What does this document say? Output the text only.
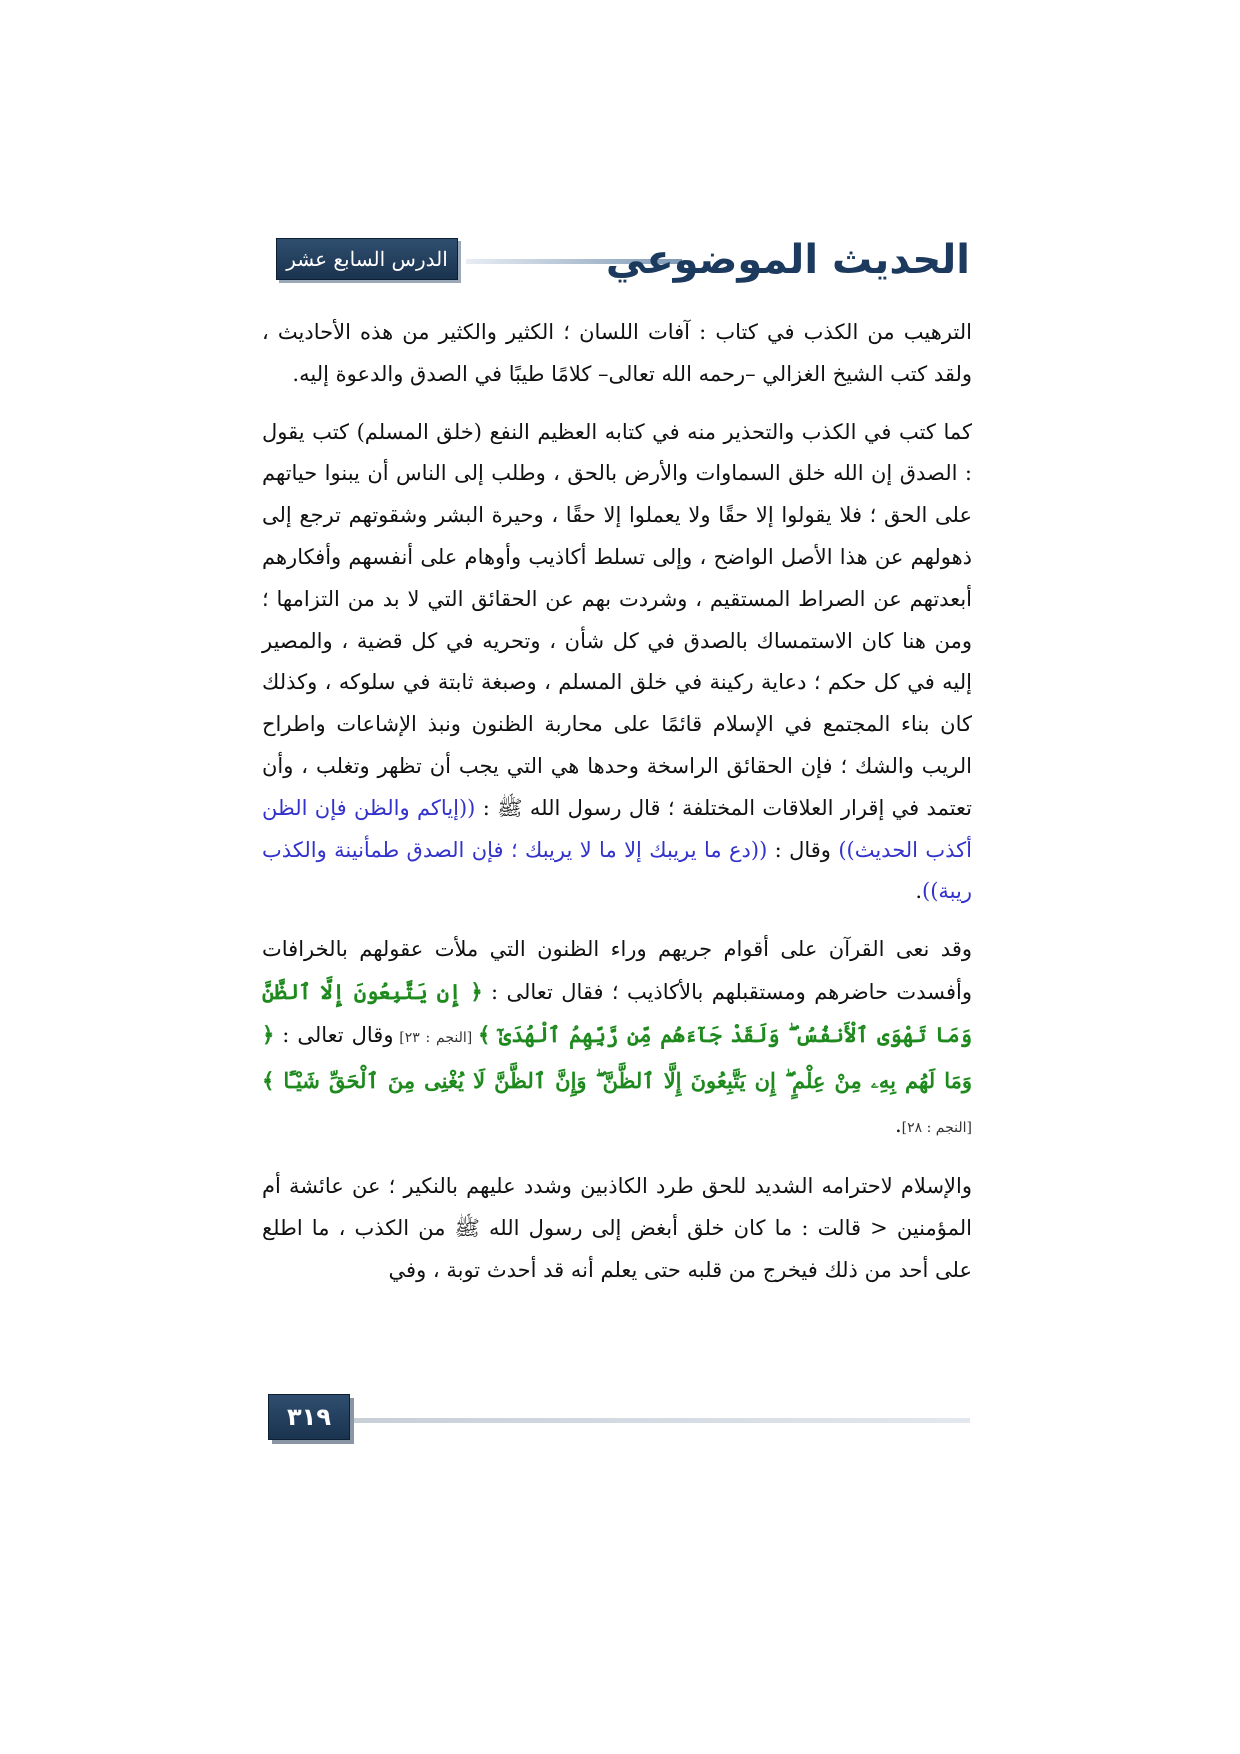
الدرس السابع عشر	الحديث الموضوعي

الترهيب من الكذب في كتاب : آفات اللسان ؛ الكثير والكثير من هذه الأحاديث ، ولقد كتب الشيخ الغزالي –رحمه الله تعالى– كلامًا طيبًا في الصدق والدعوة إليه.

كما كتب في الكذب والتحذير منه في كتابه العظيم النفع (خلق المسلم) كتب يقول : الصدق إن الله خلق السماوات والأرض بالحق ، وطلب إلى الناس أن يبنوا حياتهم على الحق ؛ فلا يقولوا إلا حقًا ولا يعملوا إلا حقًا ، وحيرة البشر وشقوتهم ترجع إلى ذهولهم عن هذا الأصل الواضح ، وإلى تسلط أكاذيب وأوهام على أنفسهم وأفكارهم أبعدتهم عن الصراط المستقيم ، وشردت بهم عن الحقائق التي لا بد من التزامها ؛ ومن هنا كان الاستمساك بالصدق في كل شأن ، وتحريه في كل قضية ، والمصير إليه في كل حكم ؛ دعاية ركينة في خلق المسلم ، وصبغة ثابتة في سلوكه ، وكذلك كان بناء المجتمع في الإسلام قائمًا على محاربة الظنون ونبذ الإشاعات واطراح الريب والشك ؛ فإن الحقائق الراسخة وحدها هي التي يجب أن تظهر وتغلب ، وأن تعتمد في إقرار العلاقات المختلفة ؛ قال رسول الله ﷺ : ((إياكم والظن فإن الظن أكذب الحديث)) وقال : ((دع ما يريبك إلا ما لا يريبك ؛ فإن الصدق طمأنينة والكذب ريبة)).

وقد نعى القرآن على أقوام جريهم وراء الظنون التي ملأت عقولهم بالخرافات وأفسدت حاضرهم ومستقبلهم بالأكاذيب ؛ فقال تعالى : ﴿ إِن يَتَّبِعُونَ إِلَّا ٱلظَّنَّ وَمَا تَهْوَى ٱلْأَنفُسُ ۖ وَلَقَدْ جَآءَهُم مِّن رَّبِّهِمُ ٱلْهُدَىٰٓ ﴾ [النجم : ٢٣] وقال تعالى : ﴿ وَمَا لَهُم بِهِۦ مِنْ عِلْمٍ ۖ إِن يَتَّبِعُونَ إِلَّا ٱلظَّنَّ ۖ وَإِنَّ ٱلظَّنَّ لَا يُغْنِى مِنَ ٱلْحَقِّ شَيْـًٔا ﴾ [النجم : ٢٨].

والإسلام لاحترامه الشديد للحق طرد الكاذبين وشدد عليهم بالنكير ؛ عن عائشة أم المؤمنين < قالت : ما كان خلق أبغض إلى رسول الله ﷺ من الكذب ، ما اطلع على أحد من ذلك فيخرج من قلبه حتى يعلم أنه قد أحدث توبة ، وفي

٣١٩
